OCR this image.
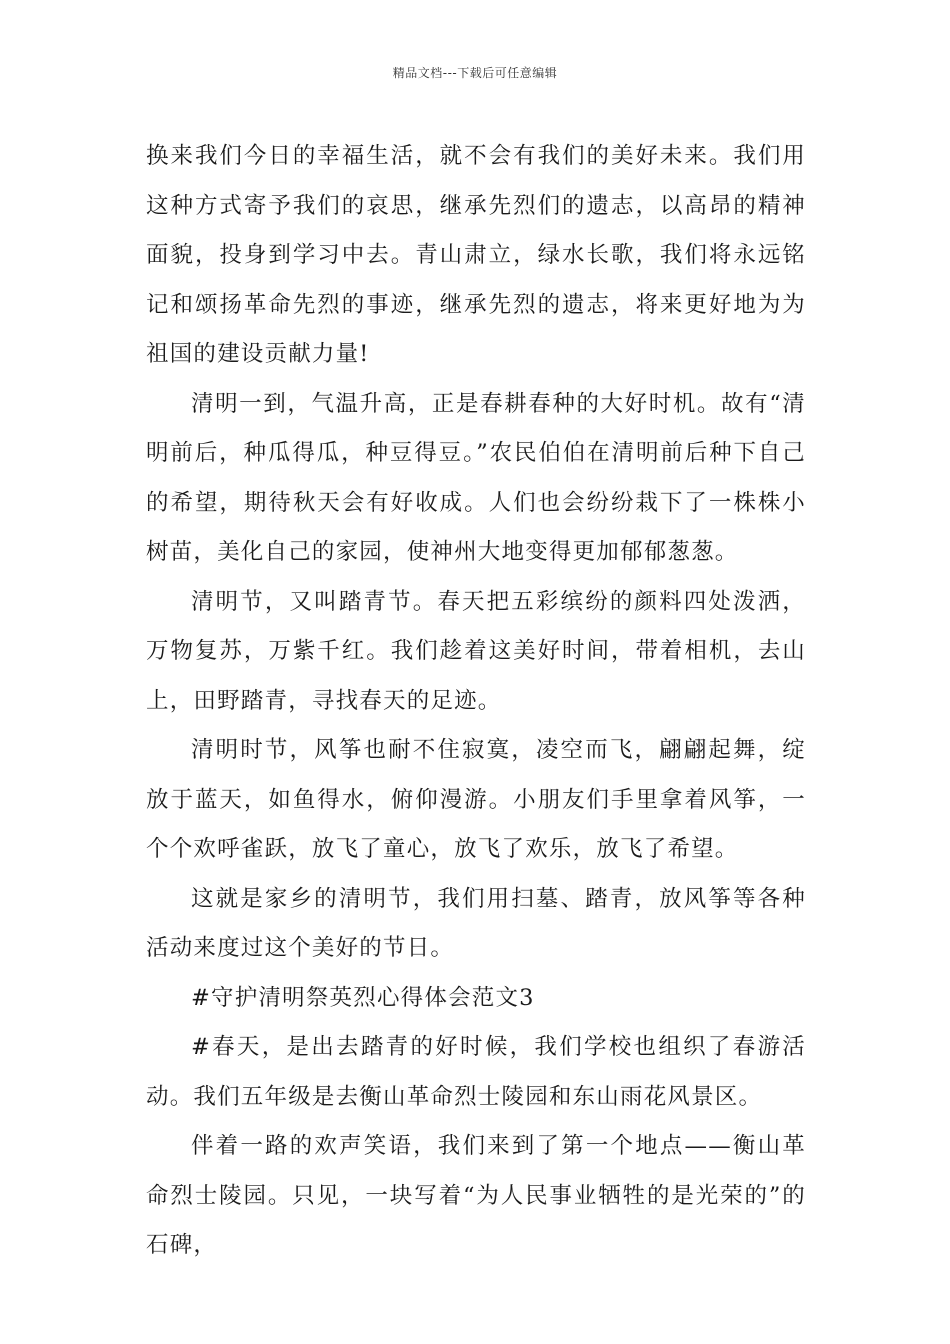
精品文档---下载后可任意编辑

换来我们今日的幸福生活，就不会有我们的美好未来。我们用这种方式寄予我们的哀思，继承先烈们的遗志，以高昂的精神面貌，投身到学习中去。青山肃立，绿水长歌，我们将永远铭记和颂扬革命先烈的事迹，继承先烈的遗志，将来更好地为为祖国的建设贡献力量!

清明一到，气温升高，正是春耕春种的大好时机。故有“清明前后，种瓜得瓜，种豆得豆。”农民伯伯在清明前后种下自己的希望，期待秋天会有好收成。人们也会纷纷栽下了一株株小树苗，美化自己的家园，使神州大地变得更加郁郁葱葱。

清明节，又叫踏青节。春天把五彩缤纷的颜料四处泼洒，万物复苏，万紫千红。我们趁着这美好时间，带着相机，去山上，田野踏青，寻找春天的足迹。

清明时节，风筝也耐不住寂寞，凌空而飞，翩翩起舞，绽放于蓝天，如鱼得水，俯仰漫游。小朋友们手里拿着风筝，一个个欢呼雀跃，放飞了童心，放飞了欢乐，放飞了希望。

这就是家乡的清明节，我们用扫墓、踏青，放风筝等各种活动来度过这个美好的节日。

#守护清明祭英烈心得体会范文3

#春天，是出去踏青的好时候，我们学校也组织了春游活动。我们五年级是去衡山革命烈士陵园和东山雨花风景区。

伴着一路的欢声笑语，我们来到了第一个地点——衡山革命烈士陵园。只见，一块写着“为人民事业牺牲的是光荣的”的石碑，
